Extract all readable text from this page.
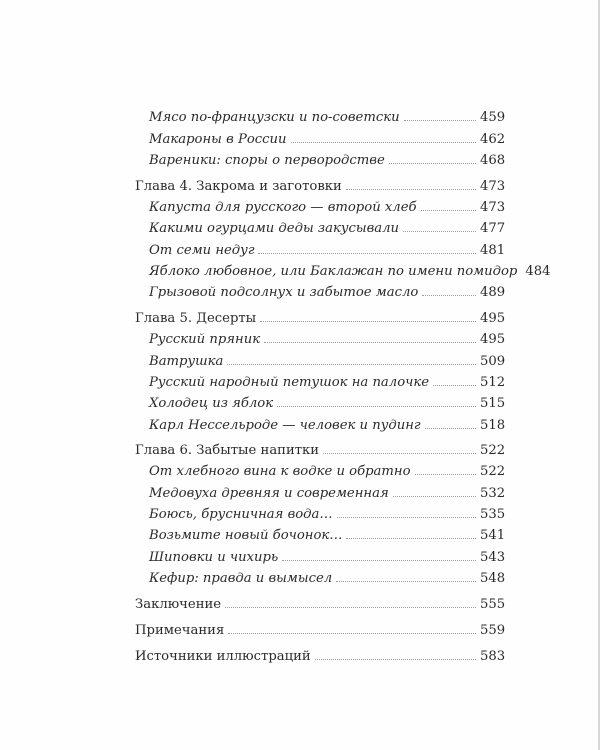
Мясо по-французски и по-советски	459
Макароны в России	462
Вареники: споры о первородстве	468
Глава 4. Закрома и заготовки	473
Капуста для русского — второй хлеб	473
Какими огурцами деды закусывали	477
От семи недуг	481
Яблоко любовное, или Баклажан по имени помидор 484
Грызовой подсолнух и забытое масло	489
Глава 5. Десерты	495
Русский пряник	495
Ватрушка	509
Русский народный петушок на палочке	512
Холодец из яблок	515
Карл Нессельроде — человек и пудинг	518
Глава 6. Забытые напитки	522
От хлебного вина к водке и обратно	522
Медовуха древняя и современная	532
Боюсь, брусничная вода…	535
Возьмите новый бочонок…	541
Шиповки и чихирь	543
Кефир: правда и вымысел	548
Заключение	555
Примечания	559
Источники иллюстраций	583
